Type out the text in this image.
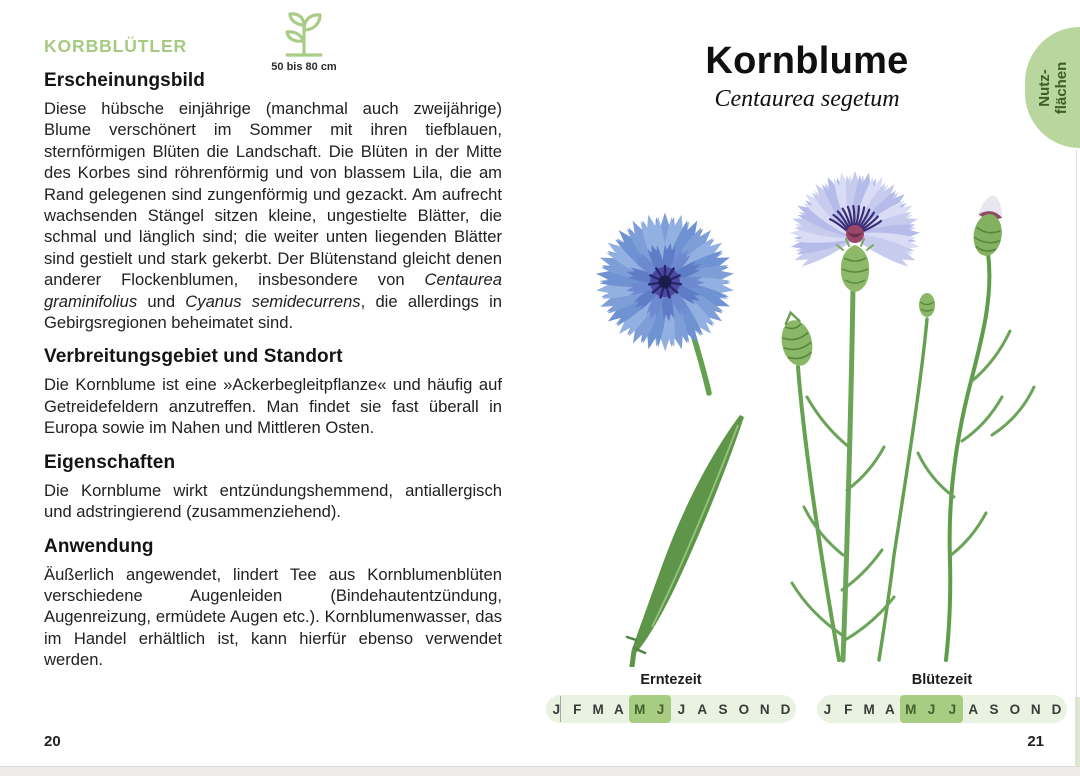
KORBBLÜTLER
50 bis 80 cm
Erscheinungsbild

Diese hübsche einjährige (manchmal auch zweijährige) Blume verschönert im Sommer mit ihren tiefblauen, sternförmigen Blüten die Landschaft. Die Blüten in der Mitte des Korbes sind röhrenförmig und von blassem Lila, die am Rand gelegenen sind zungenförmig und gezackt. Am aufrecht wachsenden Stängel sitzen kleine, ungestielte Blätter, die schmal und länglich sind; die weiter unten liegenden Blätter sind gestielt und stark gekerbt. Der Blütenstand gleicht denen anderer Flockenblumen, insbesondere von Centaurea graminifolius und Cyanus semidecurrens, die allerdings in Gebirgsregionen beheimatet sind.

Verbreitungsgebiet und Standort

Die Kornblume ist eine »Ackerbegleitpflanze« und häufig auf Getreidefeldern anzutreffen. Man findet sie fast überall in Europa sowie im Nahen und Mittleren Osten.

Eigenschaften

Die Kornblume wirkt entzündungshemmend, antiallergisch und adstringierend (zusammenziehend).

Anwendung

Äußerlich angewendet, lindert Tee aus Kornblumenblüten verschiedene Augenleiden (Bindehautentzündung, Augenreizung, ermüdete Augen etc.). Kornblumenwasser, das im Handel erhältlich ist, kann hierfür ebenso verwendet werden.

20
Kornblume
Centaurea segetum	Nutz- flächen
Erntezeit
J F M A M J J A S O N D
Blütezeit
J F M A M J J A S O N D
21
